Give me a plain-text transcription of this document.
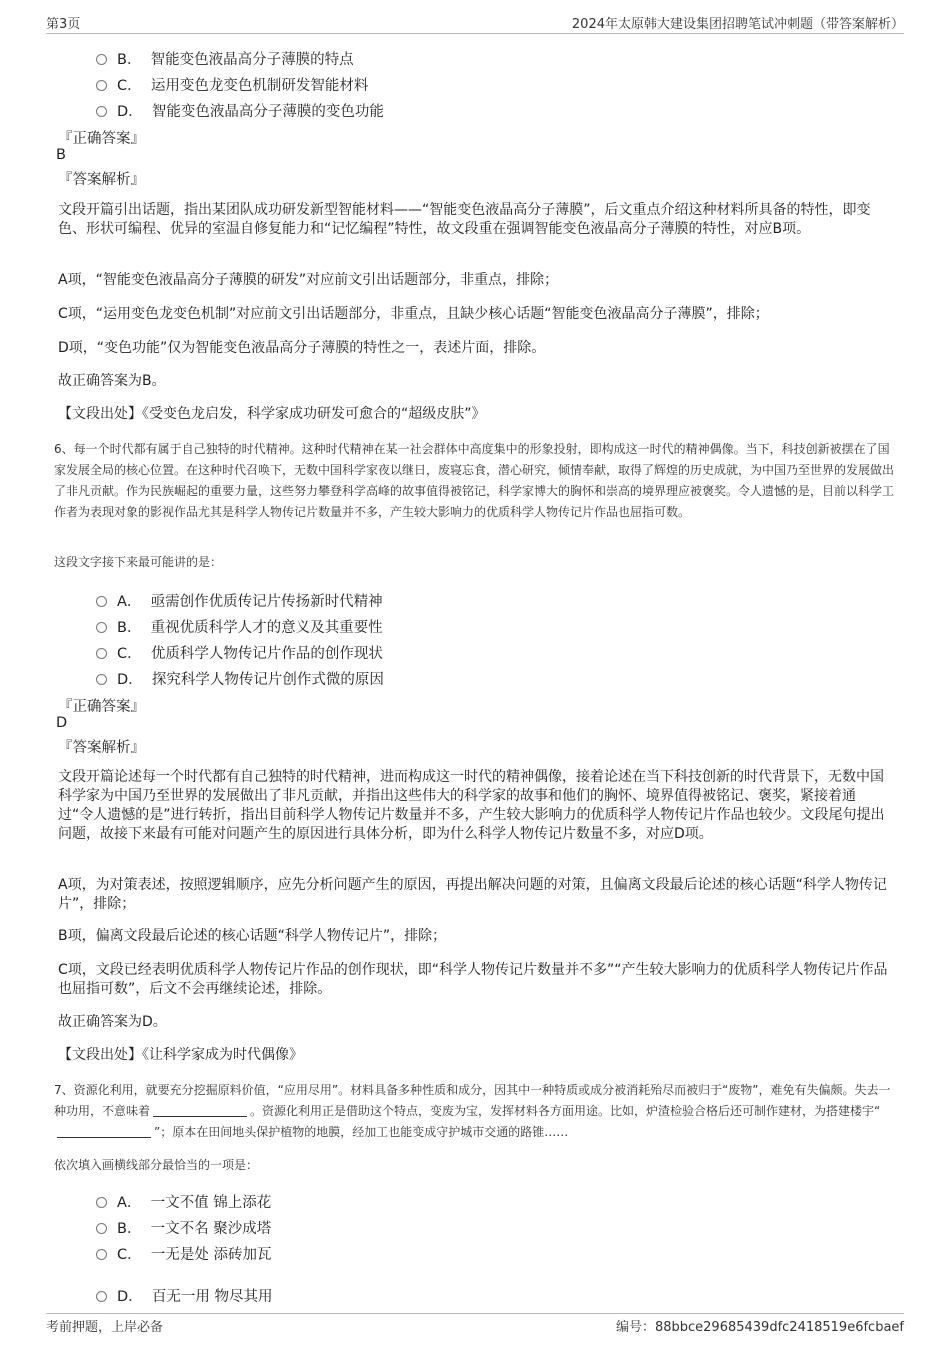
第3页	2024年太原韩大建设集团招聘笔试冲刺题（带答案解析）
B． 智能变色液晶高分子薄膜的特点
C． 运用变色龙变色机制研发智能材料
D． 智能变色液晶高分子薄膜的变色功能
『正确答案』
B
『答案解析』
文段开篇引出话题，指出某团队成功研发新型智能材料——“智能变色液晶高分子薄膜”，后文重点介绍这种材料所具备的特性，即变色、形状可编程、优异的室温自修复能力和“记忆编程”特性，故文段重在强调智能变色液晶高分子薄膜的特性，对应B项。
A项，“智能变色液晶高分子薄膜的研发”对应前文引出话题部分，非重点，排除；
C项，“运用变色龙变色机制”对应前文引出话题部分，非重点，且缺少核心话题“智能变色液晶高分子薄膜”，排除；
D项，“变色功能”仅为智能变色液晶高分子薄膜的特性之一，表述片面，排除。
故正确答案为B。
【文段出处】《受变色龙启发，科学家成功研发可愈合的“超级皮肤”》
6、每一个时代都有属于自己独特的时代精神。这种时代精神在某一社会群体中高度集中的形象投射，即构成这一时代的精神偶像。当下，科技创新被摆在了国家发展全局的核心位置。在这种时代召唤下，无数中国科学家夜以继日，废寝忘食，潜心研究，倾情奉献，取得了辉煌的历史成就，为中国乃至世界的发展做出了非凡贡献。作为民族崛起的重要力量，这些努力攀登科学高峰的故事值得被铭记，科学家博大的胸怀和崇高的境界理应被褒奖。令人遗憾的是，目前以科学工作者为表现对象的影视作品尤其是科学人物传记片数量并不多，产生较大影响力的优质科学人物传记片作品也屈指可数。
这段文字接下来最可能讲的是：
A． 亟需创作优质传记片传扬新时代精神
B． 重视优质科学人才的意义及其重要性
C． 优质科学人物传记片作品的创作现状
D． 探究科学人物传记片创作式微的原因
『正确答案』
D
『答案解析』
文段开篇论述每一个时代都有自己独特的时代精神，进而构成这一时代的精神偶像，接着论述在当下科技创新的时代背景下，无数中国科学家为中国乃至世界的发展做出了非凡贡献，并指出这些伟大的科学家的故事和他们的胸怀、境界值得被铭记、褒奖，紧接着通过“令人遗憾的是”进行转折，指出目前科学人物传记片数量并不多，产生较大影响力的优质科学人物传记片作品也较少。文段尾句提出问题，故接下来最有可能对问题产生的原因进行具体分析，即为什么科学人物传记片数量不多，对应D项。
A项，为对策表述，按照逻辑顺序，应先分析问题产生的原因，再提出解决问题的对策，且偏离文段最后论述的核心话题“科学人物传记片”，排除；
B项，偏离文段最后论述的核心话题“科学人物传记片”，排除；
C项，文段已经表明优质科学人物传记片作品的创作现状，即“科学人物传记片数量并不多”“产生较大影响力的优质科学人物传记片作品也屈指可数”，后文不会再继续论述，排除。
故正确答案为D。
【文段出处】《让科学家成为时代偶像》
7、资源化利用，就要充分挖掘原料价值，“应用尽用”。材料具备多种性质和成分，因其中一种特质或成分被消耗殆尽而被归于“废物”，难免有失偏颇。失去一种功用，不意味着	。资源化利用正是借助这个特点，变废为宝，发挥材料各方面用途。比如，炉渣检验合格后还可制作建材，为搭建楼宇“”；原本在田间地头保护植物的地膜，经加工也能变成守护城市交通的路锥……
依次填入画横线部分最恰当的一项是：
A． 一文不值 锦上添花
B． 一文不名 聚沙成塔
C． 一无是处 添砖加瓦
D． 百无一用 物尽其用
考前押题，上岸必备	编号：88bbce29685439dfc2418519e6fcbaef
